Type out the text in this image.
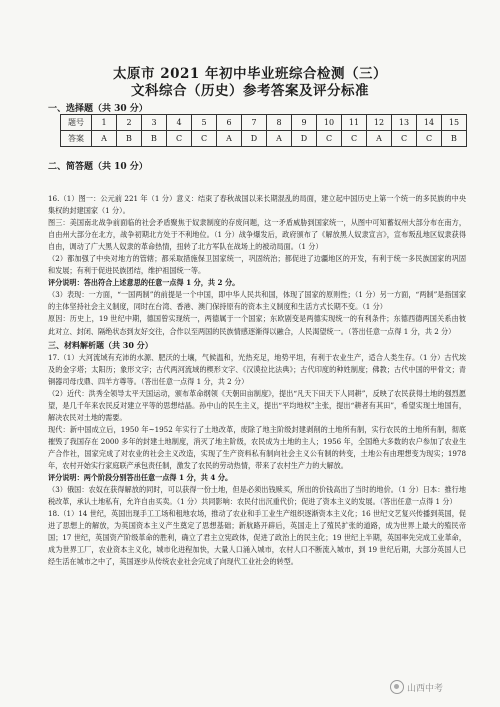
太原市 2021 年初中毕业班综合检测（三）
文科综合（历史）参考答案及评分标准
一、选择题（共 30 分）
题号	1	2	3	4	5	6	7	8	9	10	11	12	13	14	15
答案	A	B	B	C	C	A	D	A	D	C	C	A	C	C	B
二、简答题（共 10 分）

16.（1）图一：公元前 221 年（1 分）意义：结束了春秋战国以来长期混乱的局面，建立起中国历史上第一个统一的多民族的中央集权的封建国家（1 分）。

图三：美国南北战争前面临的社会矛盾聚焦于奴隶制度的存废问题，这一矛盾威胁到国家统一，从图中可知蓄奴州大部分布在南方，自由州大部分在北方，战争初期北方处于不利地位。（1 分）战争爆发后，政府颁布了《解放黑人奴隶宣言》，宣布叛乱地区奴隶获得自由，调动了广大黑人奴隶的革命热情，扭转了北方军队在战场上的被动局面。（1 分）

（2）都加强了中央对地方的管辖；都采取措施保卫国家统一，巩固统治；都促进了边疆地区的开发，有利于统一多民族国家的巩固和发展；有利于促进民族团结，维护祖国统一等。

评分说明：答出符合上述意思的任意一点得 1 分，共 2 分。

（3）表现：一方面，“一国两制”的前提是一个中国，即中华人民共和国，体现了国家的原则性；（1 分）另一方面，“两制”是指国家的主体坚持社会主义制度，同时在台湾、香港、澳门保持原有的资本主义制度和生活方式长期不变。（1 分）

原因：历史上，19 世纪中期，德国曾实现统一，两德属于一个国家；东欧剧变是两德实现统一的有利条件；东德西德两国关系由彼此对立、封闭、隔绝状态到友好交往，合作以至两国的民族情感逐渐得以融合，人民渴望统一。（答出任意一点得 1 分，共 2 分）

三、材料解析题（共 30 分）

17.（1）大河流域有充沛的水源、肥沃的土壤，气候温和，光热充足，地势平坦，有利于农业生产，适合人类生存。（1 分）古代埃及的金字塔；太阳历；象形文字；古代两河流域的楔形文字、《汉谟拉比法典》；古代印度的种姓制度；佛教；古代中国的甲骨文；青铜器司母戊鼎、四羊方尊等。（答出任意一点得 1 分，共 2 分）

（2）近代：洪秀全领导太平天国运动，颁布革命纲领《天朝田亩制度》，提出“凡天下田天下人同耕”，反映了农民获得土地的强烈愿望，是几千年来农民反对建立平等的思想结晶。孙中山的民生主义，提出“平均地权”主张，提出“耕者有其田”，希望实现土地国有，解决农民对土地的需要。

现代：新中国成立后，1950 年~1952 年实行了土地改革，废除了地主阶级封建剥削的土地所有制，实行农民的土地所有制，彻底摧毁了我国存在 2000 多年的封建土地制度，消灭了地主阶级，农民成为土地的主人；1956 年，全国绝大多数的农户参加了农业生产合作社，国家完成了对农业的社会主义改造，实现了生产资料私有制向社会主义公有制的转变，土地公有由理想变为现实；1978 年，农村开始实行家庭联产承包责任制，激发了农民的劳动热情，带来了农村生产力的大解放。

评分说明：两个阶段分别答出任意一点得 1 分，共 4 分。

（3）俄国：农奴在获得解放的同时，可以获得一份土地，但是必须出钱赎买，所出的价钱高出了当时的地价。（1 分）日本：推行地税改革，承认土地私有，允许自由买卖。（1 分）共同影响：农民付出沉重代价；促进了资本主义的发展。（答出任意一点得 1 分）

18.（1）14 世纪，英国出现手工工场和租地农场，推动了农业和手工业生产组织逐渐资本主义化；16 世纪文艺复兴传播到英国，促进了思想上的解放，为英国资本主义产生奠定了思想基础；新航路开辟后，英国走上了殖民扩张的道路，成为世界上最大的殖民帝国；17 世纪，英国资产阶级革命的胜利，确立了君主立宪政体，促进了政治上的民主化；19 世纪上半期，英国率先完成工业革命，成为世界工厂，农业资本主义化，城市化进程加快，大量人口涌入城市，农村人口不断流入城市，到 19 世纪后期，大部分英国人已经生活在城市之中了，英国逐步从传统农业社会完成了向现代工业社会的转型。

山西中考
